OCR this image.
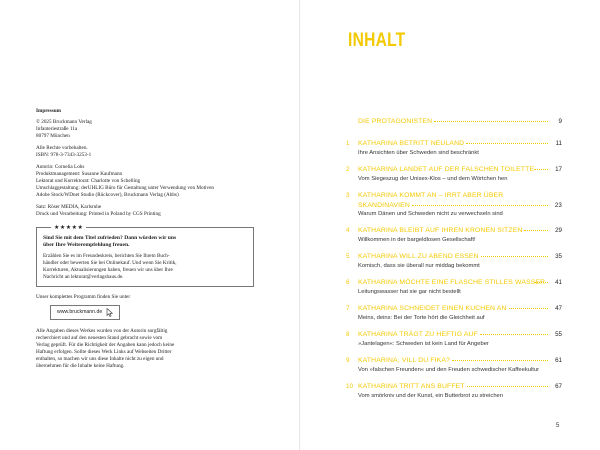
Impressum
© 2025 Bruckmann Verlag
Infanteriestraße 11a
80797 München
Alle Rechte vorbehalten.
ISBN: 978-3-7343-3253-1
Autorin: Cornelia Lohs
Produktmanagement: Susanne Kaufmann
Lektorat und Korrektorat: Charlotte von Schelling
Umschlaggestaltung: derUHLIG Büro für Gestaltung unter Verwendung von Motiven
Adobe Stock/WDnet Studio (Rückcover), Bruckmann Verlag (Abbs)
Satz: Röser MEDIA, Karlsruhe
Druck und Verarbeitung: Printed in Poland by CGS Printing
★★★★★
Sind Sie mit dem Titel zufrieden? Dann würden wir uns
über Ihre Weiterempfehlung freuen.
Erzählen Sie es im Freundeskreis, berichten Sie Ihrem Buch-
händler oder bewerten Sie bei Onlinekauf. Und wenn Sie Kritik,
Korrekturen, Aktualisierungen haben, freuen wir uns über Ihre
Nachricht an lektorat@verlagshaus.de.
Unser komplettes Programm finden Sie unter
www.bruckmann.de
Alle Angaben dieses Werkes wurden von der Autorin sorgfältig
recherchiert und auf den neuesten Stand gebracht sowie vom
Verlag geprüft. Für die Richtigkeit der Angaben kann jedoch keine
Haftung erfolgen. Sollte dieses Werk Links auf Webseiten Dritter
enthalten, so machen wir uns diese Inhalte nicht zu eigen und
übernehmen für die Inhalte keine Haftung.
INHALT
DIE PROTAGONISTEN	9
1	KATHARINA BETRITT NEULAND	11
Ihre Ansichten über Schweden sind beschränkt
2	KATHARINA LANDET AUF DER FALSCHEN TOILETTE	17
Vom Siegeszug der Unisex-Klos – und dem Wörtchen hen
3	KATHARINA KOMMT AN – IRRT ABER ÜBER
SKANDINAVIEN	23
Warum Dänen und Schweden nicht zu verwechseln sind
4	KATHARINA BLEIBT AUF IHREN KRONEN SITZEN	29
Willkommen in der bargeldlosen Gesellschaft!
5	KATHARINA WILL ZU ABEND ESSEN	35
Komisch, dass sie überall nur middag bekommt
6	KATHARINA MÖCHTE EINE FLASCHE STILLES WASSER	41
Leitungswasser hat sie gar nicht bestellt
7	KATHARINA SCHNEIDET EINEN KUCHEN AN	47
Meins, deins: Bei der Torte hört die Gleichheit auf
8	KATHARINA TRÄGT ZU HEFTIG AUF	55
»Jantelagen«: Schweden ist kein Land für Angeber
9	KATHARINA, VILL DU FIKA?	61
Von »falschen Freunden« und den Freuden schwedischer Kaffeekultur
10 KATHARINA TRITT ANS BUFFET	67
Vom smörkniv und der Kunst, ein Butterbrot zu streichen
5
